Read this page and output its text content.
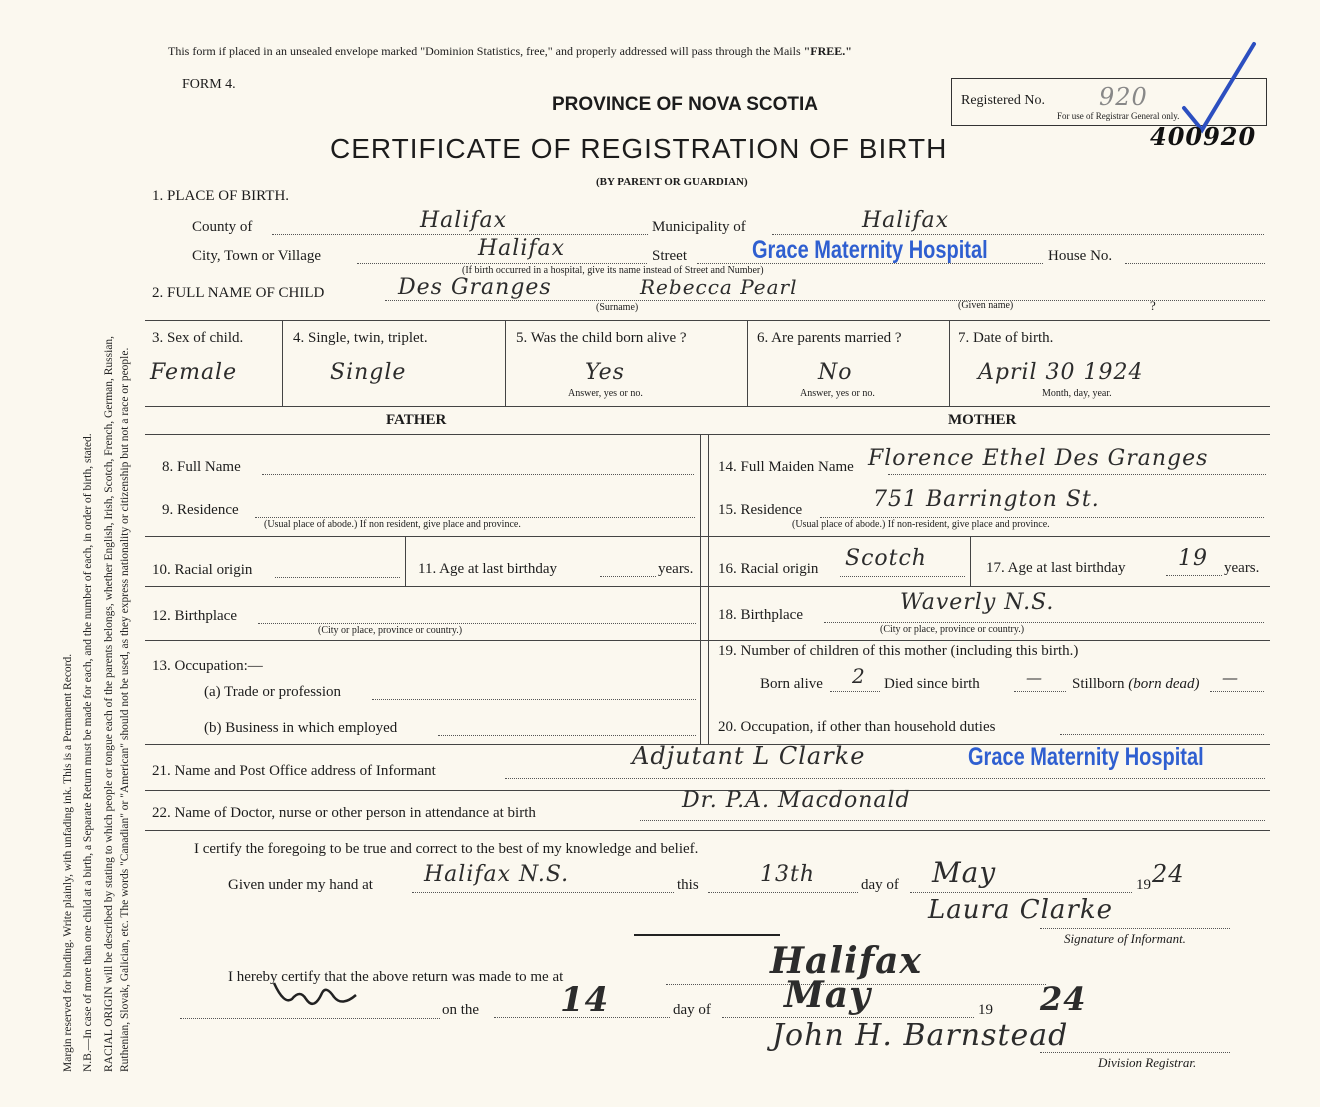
Margin reserved for binding. Write plainly, with unfading ink. This is a Permanent Record. N.B.—In case of more than one child at a birth, a Separate Return must be made for each, and the number of each, in order of birth, stated. RACIAL ORIGIN will be described by stating to which people or tongue each of the parents belongs, whether English, Irish, Scotch, French, German, Russian, Ruthenian, Slovak, Galician, etc. The words "Canadian" or "American" should not be used, as they express nationality or citizenship but not a race or people.
This form if placed in an unsealed envelope marked "Dominion Statistics, free," and properly addressed will pass through the Mails "FREE."
FORM 4.
PROVINCE OF NOVA SCOTIA
CERTIFICATE OF REGISTRATION OF BIRTH
(BY PARENT OR GUARDIAN)
Registered No. 920
For use of Registrar General only.
400920
1. PLACE OF BIRTH.
County of	Halifax	Municipality of	Halifax
City, Town or Village	Halifax	Street	Grace Maternity Hospital	House No.
(If birth occurred in a hospital, give its name instead of Street and Number)
2. FULL NAME OF CHILD	Des Granges	Rebecca Pearl
(Surname)	(Given name)	?
3. Sex of child.
Female
4. Single, twin, triplet.
Single
5. Was the child born alive ?
Yes
Answer, yes or no.
6. Are parents married ?
No
Answer, yes or no.
7. Date of birth.
April 30 1924
Month, day, year.
FATHER	MOTHER
8. Full Name
9. Residence
(Usual place of abode.) If non resident, give place and province.
10. Racial origin	11. Age at last birthday	years.
12. Birthplace
(City or place, province or country.)
13. Occupation:—
(a) Trade or profession
(b) Business in which employed
14. Full Maiden Name Florence Ethel Des Granges
15. Residence	751 Barrington St.
(Usual place of abode.) If non-resident, give place and province.
16. Racial origin Scotch	17. Age at last birthday 19 years.
18. Birthplace	Waverly N.S.
(City or place, province or country.)
19. Number of children of this mother (including this birth.)
Born alive 2 Died since birth	— Stillborn (born dead) —
20. Occupation, if other than household duties
21. Name and Post Office address of Informant
Adjutant L Clarke	Grace Maternity Hospital
22. Name of Doctor, nurse or other person in attendance at birth	Dr. P.A. Macdonald
I certify the foregoing to be true and correct to the best of my knowledge and belief.
Given under my hand at Halifax N.S.	this	13th	day of May	19 24
Laura Clarke
Signature of Informant.
I hereby certify that the above return was made to me at	Halifax
on the 14	day of May	19 24
John H. Barnstead
Division Registrar.
